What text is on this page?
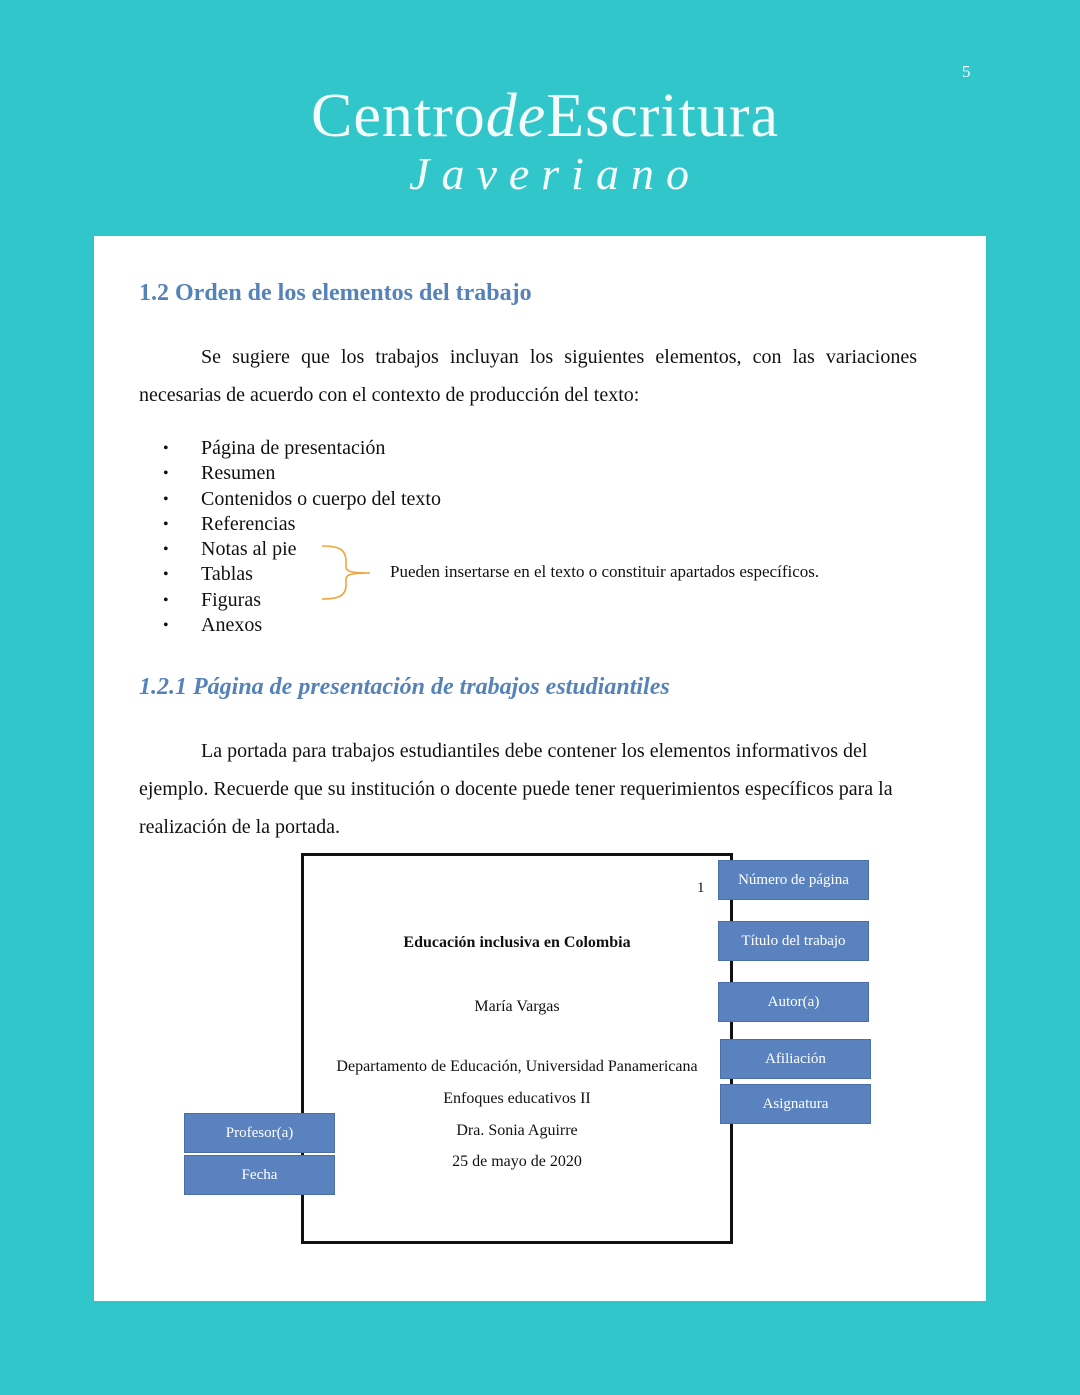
5
CentrodeEscritura
Javeriano
1.2 Orden de los elementos del trabajo
Se sugiere que los trabajos incluyan los siguientes elementos, con las variaciones necesarias de acuerdo con el contexto de producción del texto:
• Página de presentación
• Resumen
• Contenidos o cuerpo del texto
• Referencias
• Notas al pie
• Tablas
• Figuras
• Anexos
Pueden insertarse en el texto o constituir apartados específicos.
1.2.1 Página de presentación de trabajos estudiantiles
La portada para trabajos estudiantiles debe contener los elementos informativos del ejemplo. Recuerde que su institución o docente puede tener requerimientos específicos para la realización de la portada.
1
Educación inclusiva en Colombia
María Vargas
Departamento de Educación, Universidad Panamericana
Enfoques educativos II
Dra. Sonia Aguirre
25 de mayo de 2020
Número de página
Título del trabajo
Autor(a)
Afiliación
Asignatura
Profesor(a)
Fecha
